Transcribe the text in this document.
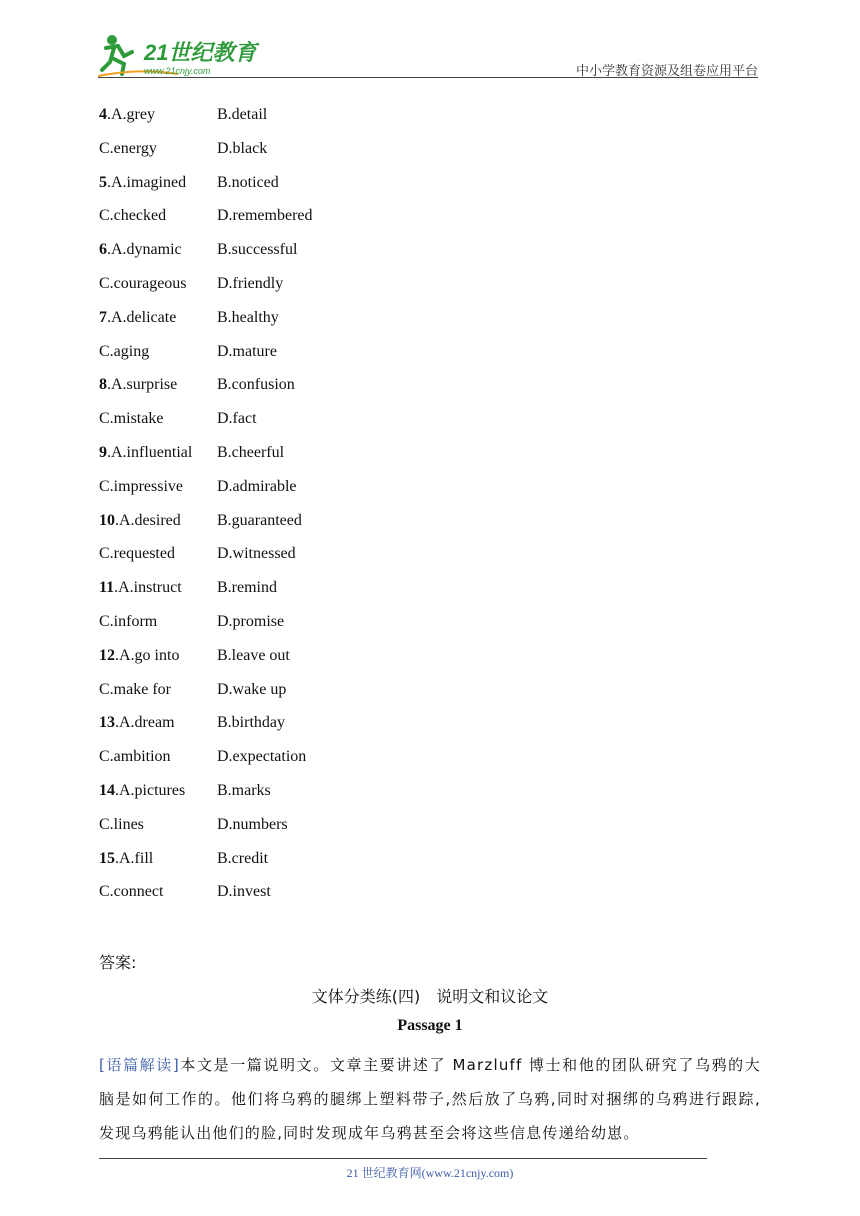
21世纪教育
www.21cnjy.com	中小学教育资源及组卷应用平台
4.A.grey	B.detail
C.energy	D.black
5.A.imagined B.noticed
C.checked	D.remembered
6.A.dynamic B.successful
C.courageous D.friendly
7.A.delicate	B.healthy
C.aging	D.mature
8.A.surprise B.confusion
C.mistake	D.fact
9.A.influential B.cheerful
C.impressive D.admirable
10.A.desired B.guaranteed
C.requested	D.witnessed
11.A.instruct B.remind
C.inform	D.promise
12.A.go into B.leave out
C.make for	D.wake up
13.A.dream	B.birthday
C.ambition	D.expectation
14.A.pictures B.marks
C.lines	D.numbers
15.A.fill	B.credit
C.connect	D.invest
答案:
文体分类练(四)　说明文和议论文
Passage 1
[语篇解读]本文是一篇说明文。文章主要讲述了 Marzluff 博士和他的团队研究了乌鸦的大脑是如何工作的。他们将乌鸦的腿绑上塑料带子,然后放了乌鸦,同时对捆绑的乌鸦进行跟踪,发现乌鸦能认出他们的脸,同时发现成年乌鸦甚至会将这些信息传递给幼崽。
21 世纪教育网(www.21cnjy.com)
